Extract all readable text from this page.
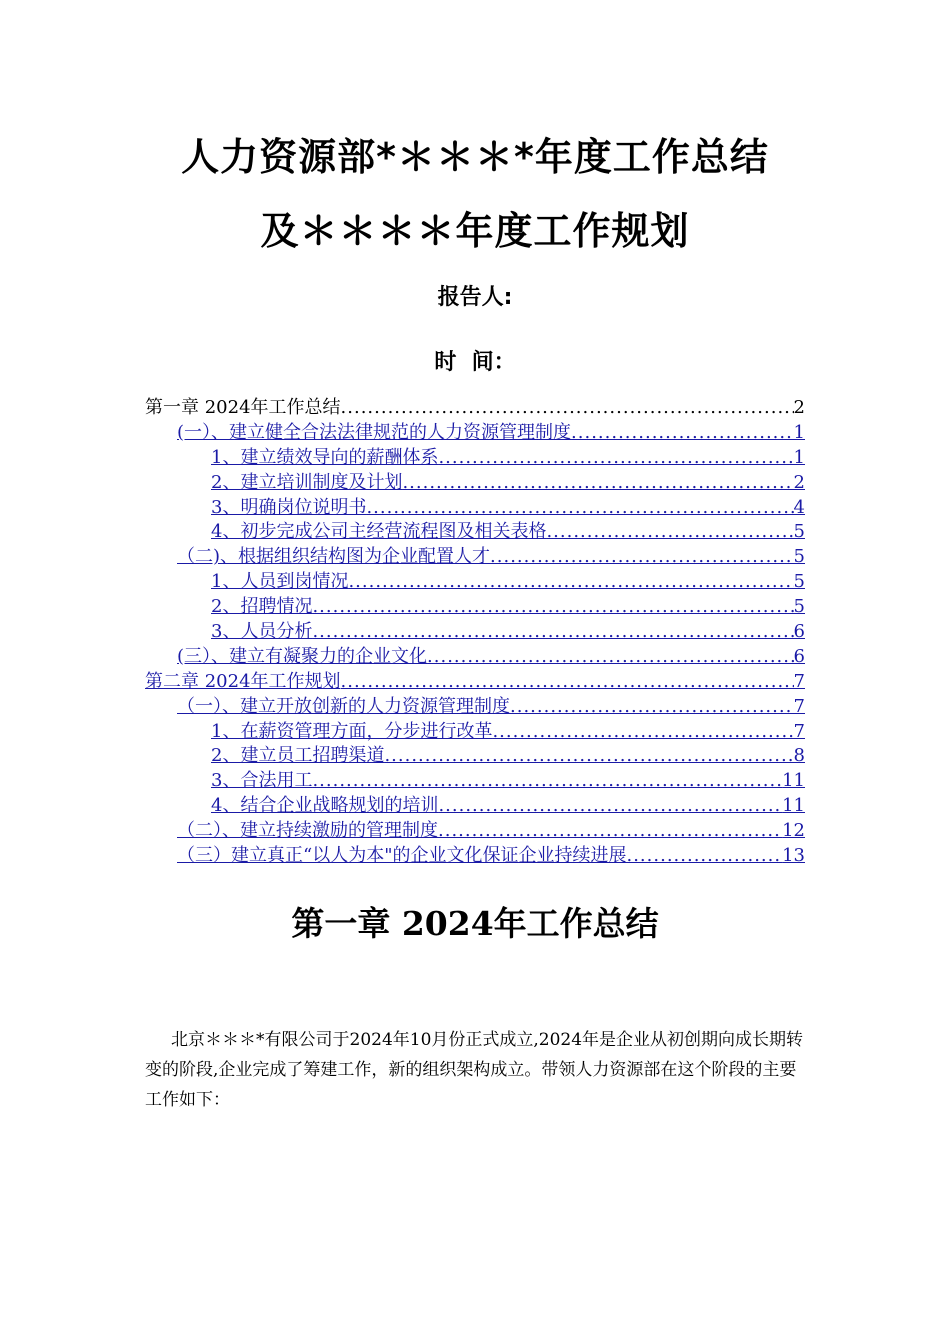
人力资源部*＊＊＊*年度工作总结
及＊＊＊＊年度工作规划
报告人:
时  间：
第一章 2024年工作总结 .....	2
(一）、建立健全合法法律规范的人力资源管理制度 .....	1
1、建立绩效导向的薪酬体系 .....	1
2、建立培训制度及计划 .....	2
3、明确岗位说明书 .....	4
4、初步完成公司主经营流程图及相关表格 .....	5
（二)、根据组织结构图为企业配置人才 .....	5
1、人员到岗情况 .....	5
2、招聘情况 .....	5
3、人员分析 .....	6
(三）、建立有凝聚力的企业文化 .....	6
第二章 2024年工作规划 .....	7
（一）、建立开放创新的人力资源管理制度 .....	7
1、在薪资管理方面，分步进行改革 .....	7
2、建立员工招聘渠道 .....	8
3、合法用工 .....	11
4、结合企业战略规划的培训 .....	11
（二）、建立持续激励的管理制度 .....	12
（三）建立真正“以人为本"的企业文化保证企业持续进展 .....	13
第一章 2024年工作总结
北京＊＊＊*有限公司于2024年10月份正式成立,2024年是企业从初创期向成长期转变的阶段,企业完成了筹建工作，新的组织架构成立。带领人力资源部在这个阶段的主要工作如下：
